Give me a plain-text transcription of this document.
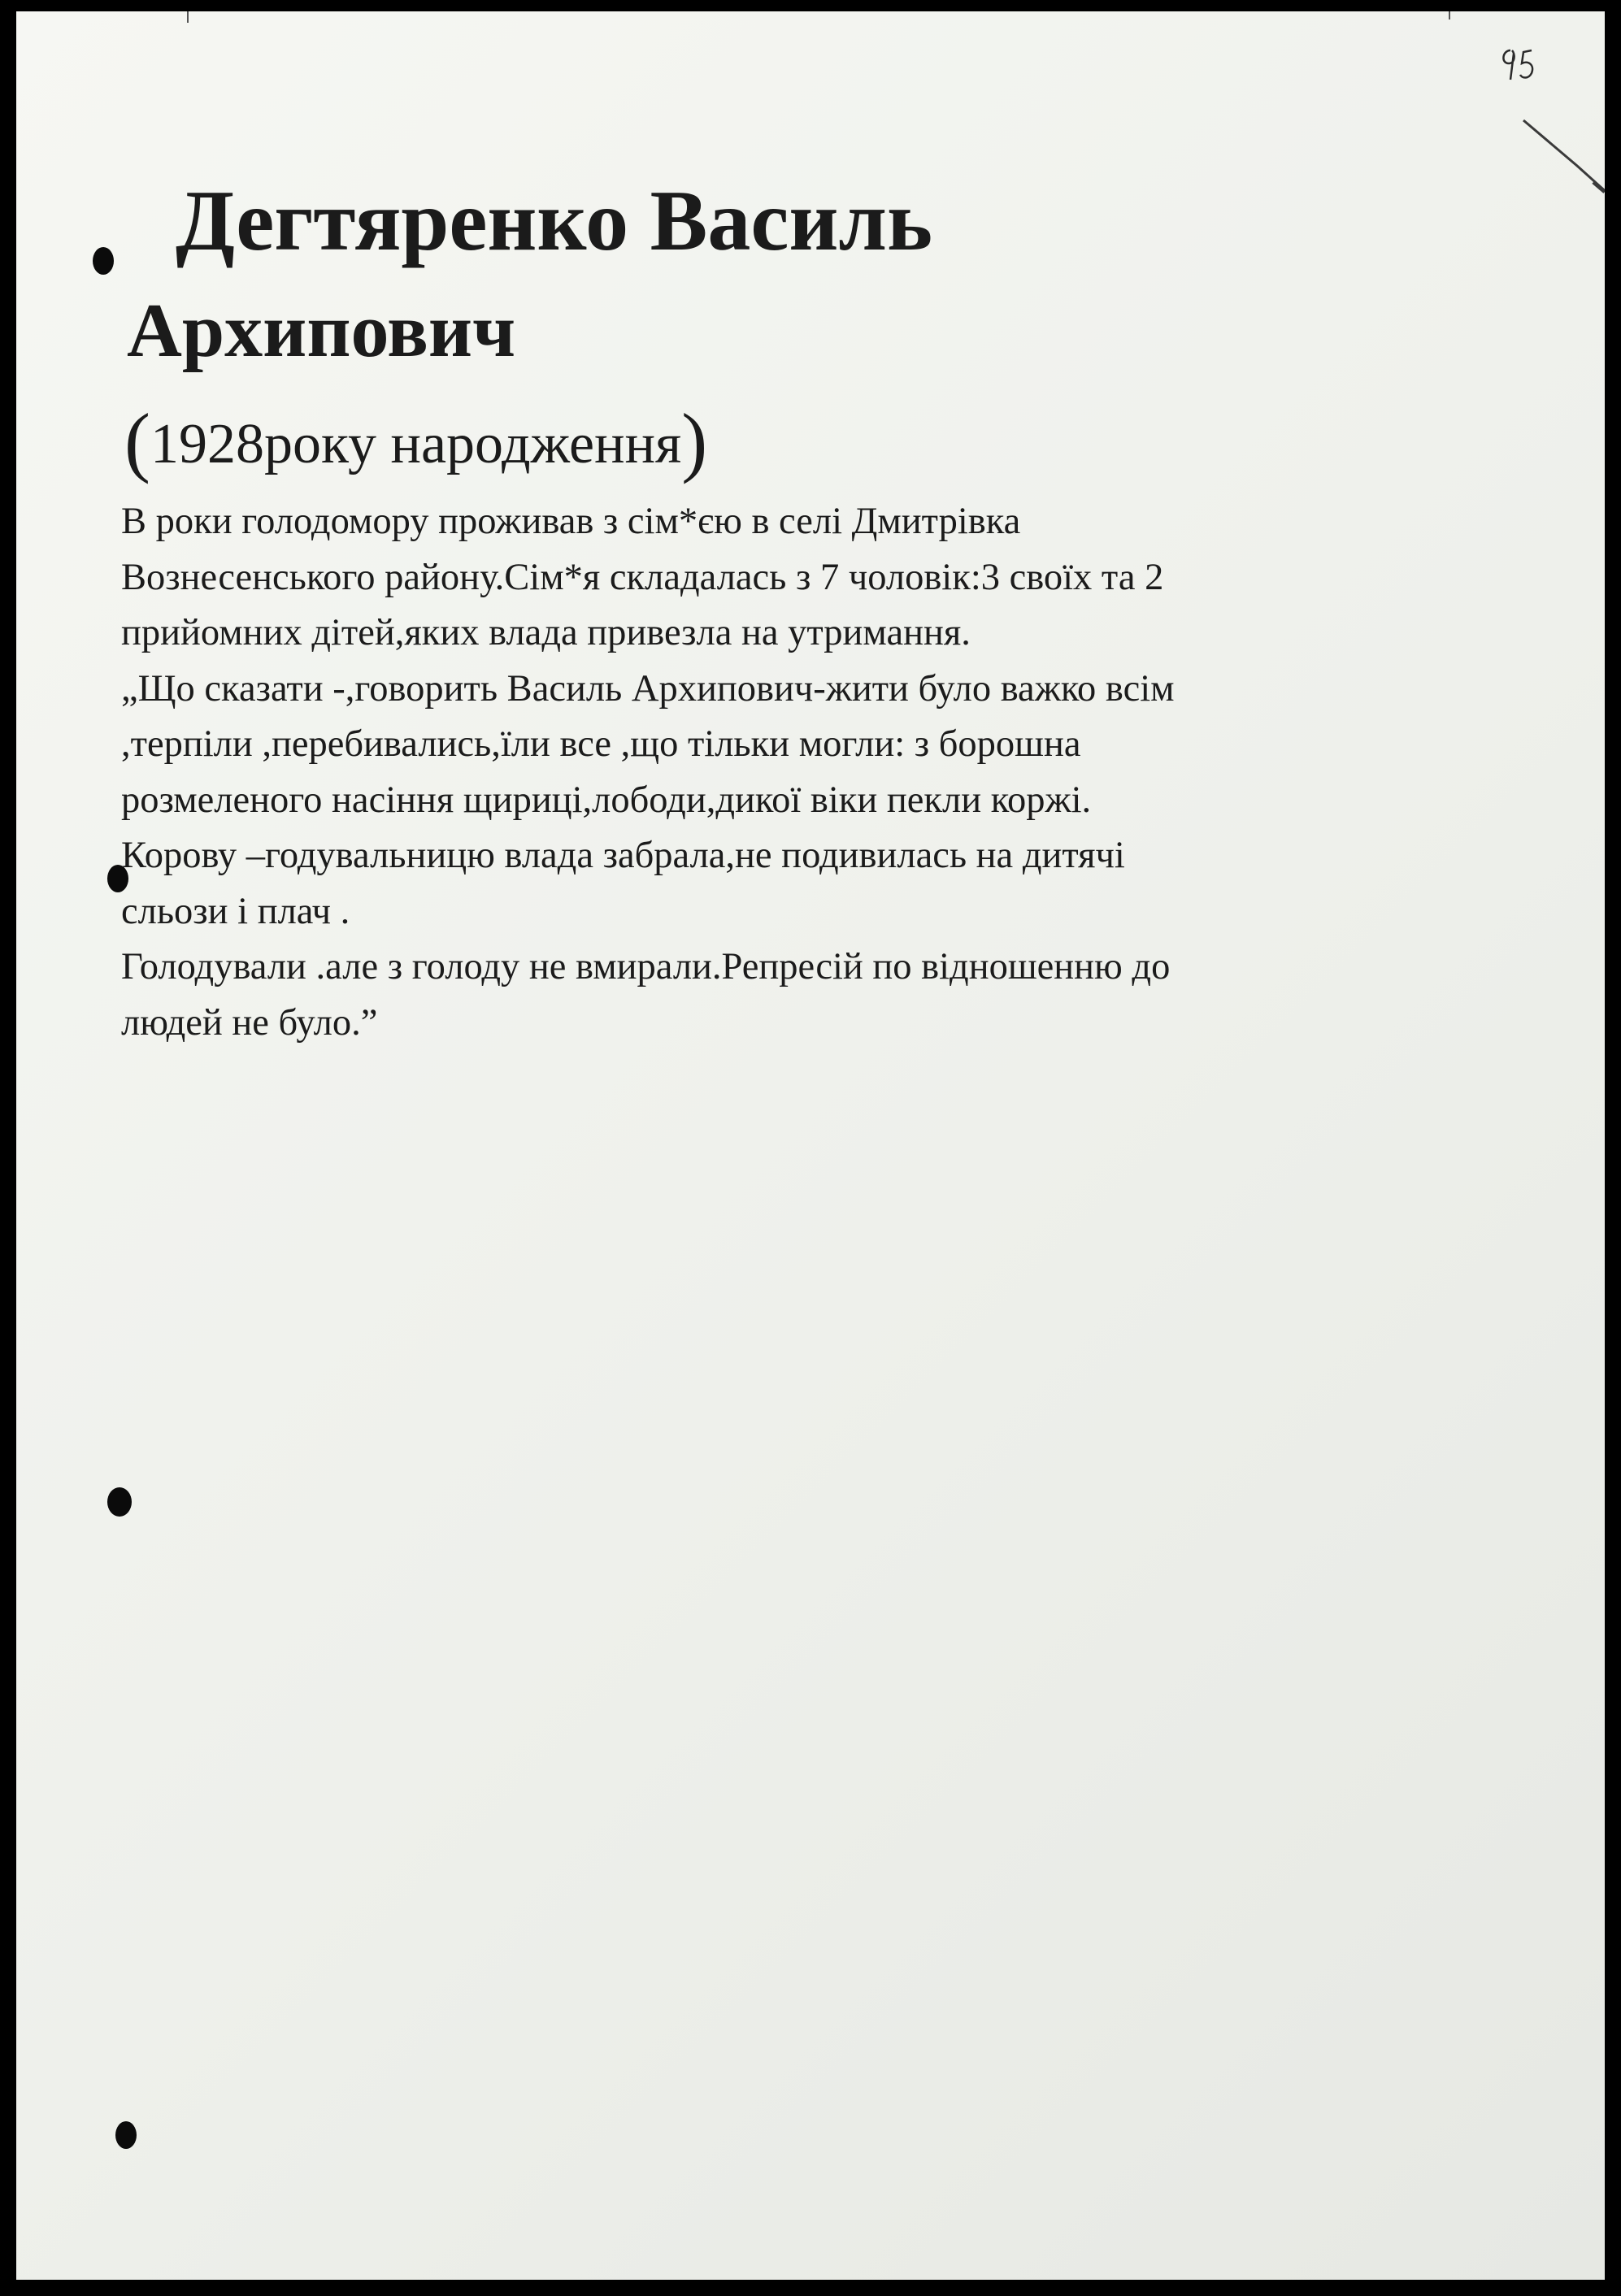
Дегтяренко Василь
Архипович
(1928року народження)
В роки голодомору проживав з сім*єю в селі Дмитрівка
Вознесенського району.Сім*я складалась з 7 чоловік:3 своїх та 2
прийомних дітей,яких влада привезла на утримання.
„Що сказати -,говорить Василь Архипович-жити було важко всім
,терпіли ,перебивались,їли все ,що тільки могли: з борошна
розмеленого насіння щириці,лободи,дикої віки пекли коржі.
Корову –годувальницю влада забрала,не подивилась на дитячі
сльози і плач .
Голодували .але з голоду не вмирали.Репресій по відношенню до
людей не було.”
